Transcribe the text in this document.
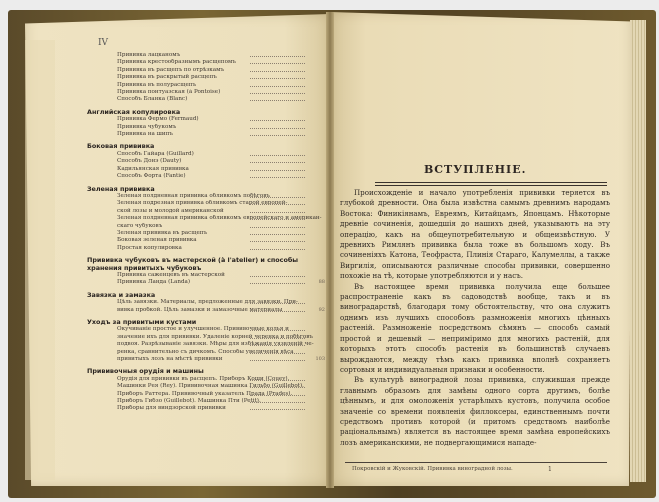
IV
Прививка лацканомъ
Прививка крестообразнымъ расщепомъ
Прививка въ расщепъ по отрѣзкамъ
Прививка въ раскрытый расщепъ
Прививка въ полурасщепъ
Прививка понтуазская (à Pontoise)
Способъ Бланка (Blanc)
Английская копулировка
Прививка Фермо (Fermaud)
Прививка чубукомъ
Прививка на шипъ
Боковая прививка
Способъ Гайара (Guillard)
Способъ Донэ (Dauty)
Кадильянская прививка
Способъ Форта (Fantie)
Зеленая прививка
Зеленая полдневная прививка обливкомъ побѣговъ
Зеленая подрезная прививка обливкомъ старой европей-
ской лозы и молодой американской
Зеленая полдневная прививка обливкомъ европейскаго и американ-
скаго чубуковъ
Зеленая прививка въ расщепъ
Боковая зеленая прививка
Простая копулировка
Прививка чубуковъ въ мастерской (à l'atelier) и способы хранения привитыхъ чубуковъ
Прививка саженцевъ въ мастерской
Прививка Ланда (Landa)	88
Завязка и замазка
Цѣль завязки. Материалы, предложенные для завязки. При-
вивка пробкой. Цѣль замазки и замазочные материалы	92
Уходъ за привитыми кустами
Окучиваніе простое и улучшенное. Прививочные колья и
значение ихъ для прививки. Удаленіе корней черенка и побѣговъ
подвоя. Разрѣзываніе завязки. Мѣры для избѣжанія уязвленій че-
ренка, сравнительно съ дичкомъ. Способы увеличенія вѣса
привитыхъ лозъ на мѣстѣ прививки	103
Прививочныя орудія и машины
Орудія для прививки въ расщепъ. Приборъ Коши (Couey).
Машинки Рея (Rey). Прививочная машинка Гильбо (Guillebot).
Приборъ Раттера. Прививочный указатель Прада (Prades).
Приборъ Гибзо (Guillebot). Машинка Пти (Petit).
Приборы для виндзорской прививки
ВСТУПЛЕНIЕ.

Происхожденіе и начало употребленія прививки теряется въ глубокой древности. Она была извѣстна самымъ древнимъ народамъ Востока: Финикіянамъ, Евреямъ, Китайцамъ, Японцамъ. Нѣкоторые древніе сочиненія, дошедшія до нашихъ дней, указываютъ на эту операцію, какъ на общеупотребительную и общеизвѣстную. У древнихъ Римлянъ прививка была тоже въ большомъ ходу. Въ сочиненіяхъ Катона, Теофраста, Плинія Стараго, Калумеллы, а также Виргилія, описываются различные способы прививки, совершенно похожіе на тѣ, которые употребляются и у насъ.

Въ настоящее время прививка получила еще большее распространеніе какъ въ садоводствѣ вообще, такъ и въ виноградарствѣ, благодаря тому обстоятельству, что она служитъ однимъ изъ лучшихъ способовъ размноженія многихъ цѣнныхъ растеній. Размноженіе посредствомъ сѣмянъ — способъ самый простой и дешевый — неприміримо для многихъ растеній, для которыхъ этотъ способъ растенія въ большинствѣ случаевъ вырождаются, между тѣмъ какъ прививка вполнѣ сохраняетъ сортовыя и индивидуальныя признаки и особенности.

Въ культурѣ виноградной лозы прививка, служившая прежде главнымъ образомъ для замѣны одного сорта другимъ, болѣе цѣннымъ, и для омоложенія устарѣлыхъ кустовъ, получила особое значеніе со времени появленія филлоксеры, единственнымъ почти средствомъ противъ которой (и притомъ средствомъ наиболѣе раціональнымъ) является въ настоящее время замѣна европейскихъ лозъ американскими, не подвергающимися нападе-

Покровскій и Жуковскій. Прививка виноградной лозы.	1
